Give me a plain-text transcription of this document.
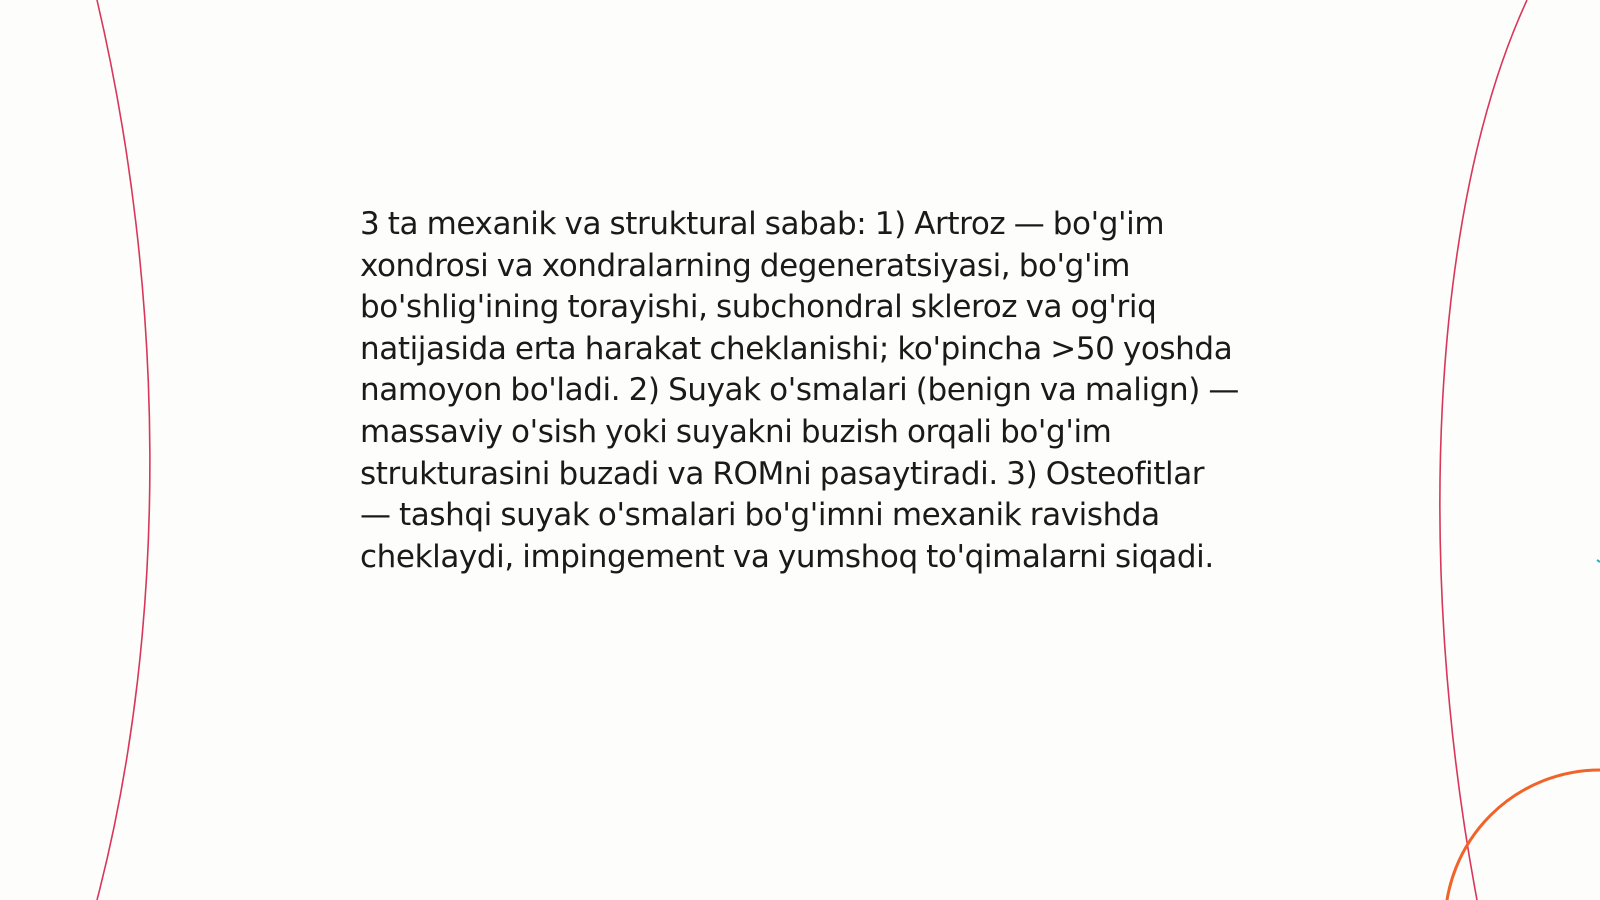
3 ta mexanik va struktural sabab: 1) Artroz — bo'g'im xondrosi va xondralarning degeneratsiyasi, bo'g'im bo'shlig'ining torayishi, subchondral skleroz va og'riq natijasida erta harakat cheklanishi; ko'pincha >50 yoshda namoyon bo'ladi. 2) Suyak o'smalari (benign va malign) — massaviy o'sish yoki suyakni buzish orqali bo'g'im strukturasini buzadi va ROMni pasaytiradi. 3) Osteofitlar — tashqi suyak o'smalari bo'g'imni mexanik ravishda cheklaydi, impingement va yumshoq to'qimalarni siqadi.
